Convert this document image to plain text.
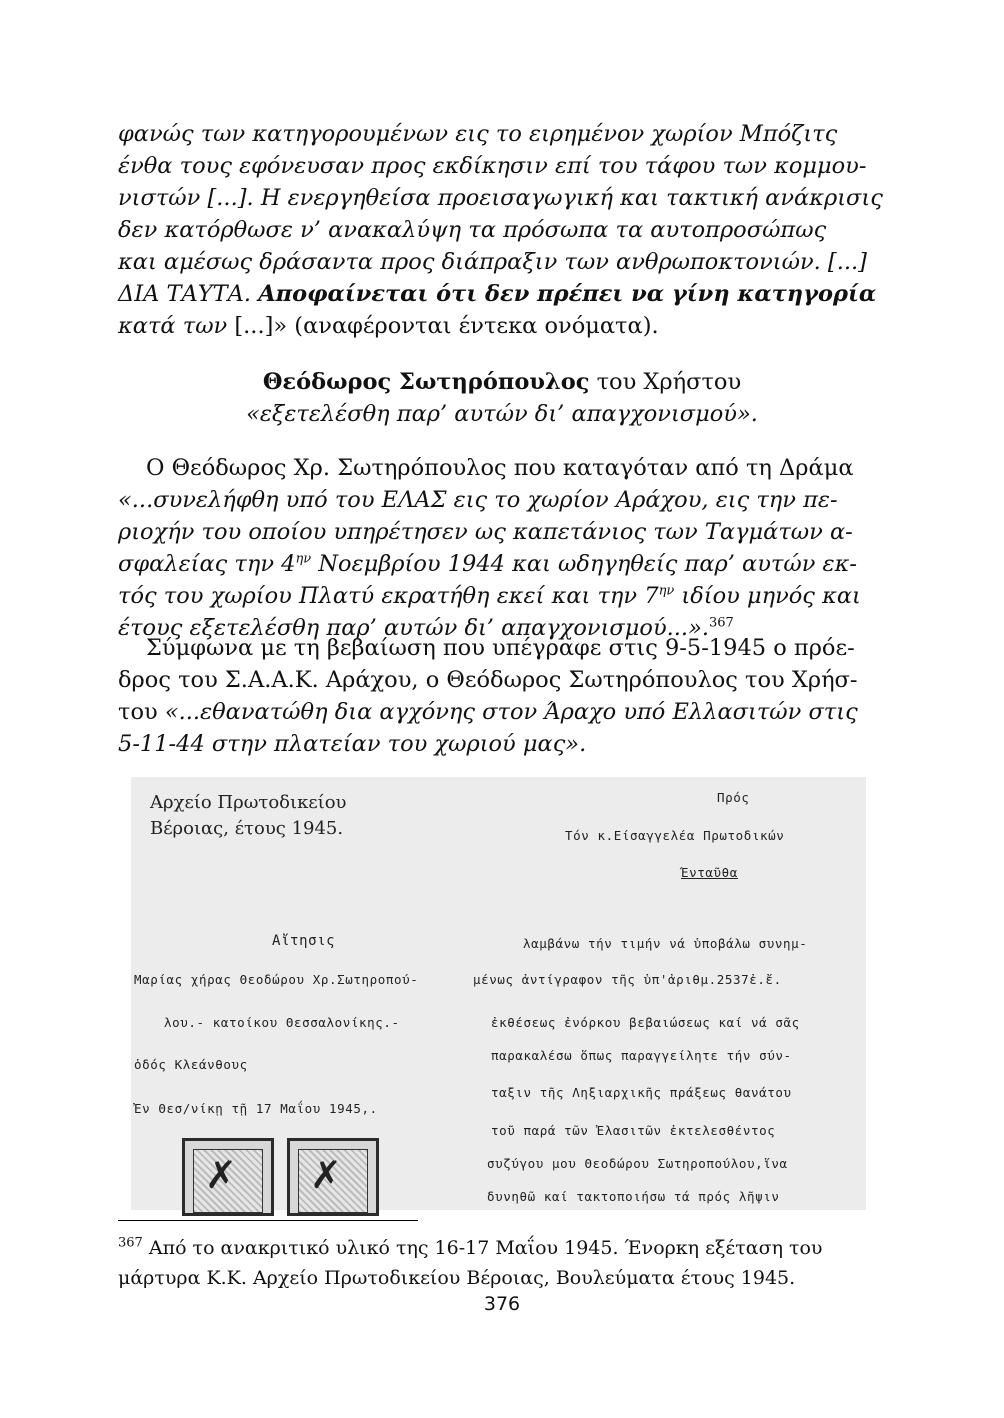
φανώς των κατηγορουμένων εις το ειρημένον χωρίον Μπόζιτς
ένθα τους εφόνευσαν προς εκδίκησιν επί του τάφου των κομμου-
νιστών [...]. Η ενεργηθείσα προεισαγωγική και τακτική ανάκρισις
δεν κατόρθωσε ν’ ανακαλύψη τα πρόσωπα τα αυτοπροσώπως
και αμέσως δράσαντα προς διάπραξιν των ανθρωποκτονιών. [...]
ΔΙΑ ΤΑΥΤΑ. Αποφαίνεται ότι δεν πρέπει να γίνη κατηγορία
κατά των [...]» (αναφέρονται έντεκα ονόματα).
Θεόδωρος Σωτηρόπουλος του Χρήστου
«εξετελέσθη παρ’ αυτών δι’ απαγχονισμού».
Ο Θεόδωρος Χρ. Σωτηρόπουλος που καταγόταν από τη Δράμα
«...συνελήφθη υπό του ΕΛΑΣ εις το χωρίον Αράχου, εις την πε-
ριοχήν του οποίου υπηρέτησεν ως καπετάνιος των Ταγμάτων α-
σφαλείας την $4^{\eta\nu}$ Νοεμβρίου 1944 και ωδηγηθείς παρ’ αυτών εκ-
τός του χωρίου Πλατύ εκρατήθη εκεί και την $7^{\eta\nu}$ ιδίου μηνός και
έτους εξετελέσθη παρ’ αυτών δι’ απαγχονισμού...».$^{367}$
Σύμφωνα με τη βεβαίωση που υπέγραφε στις 9-5-1945 ο πρόε-
δρος του Σ.Α.Α.Κ. Αράχου, ο Θεόδωρος Σωτηρόπουλος του Χρήσ-
του «...εθανατώθη δια αγχόνης στον Άραχο υπό Ελλασιτών στις
5-11-44 στην πλατείαν του χωριού μας».
Αρχείο Πρωτοδικείου
Βέροιας, έτους 1945.
Πρός
Τόν κ.Είσαγγελέα Πρωτοδικών
Ένταῦθα
Αἴτησις
Μαρίας χήρας Θεοδώρου Χρ.Σωτηροπού-
λου.- κατοίκου Θεσσαλονίκης.-
ὁδός Κλεάνθους
Ἐν Θεσ/νίκῃ τῇ 17 Μαΐου 1945,.
λαμβάνω τήν τιμήν νά ὑποβάλω συνημ-
μένως ἀντίγραφον τῆς ὑπ'ἀριθμ.2537ἐ.ἔ.
ἐκθέσεως ἐνόρκου βεβαιώσεως καί νά σᾶς
παρακαλέσω ὅπως παραγγείλητε τήν σύν-
ταξιν τῆς Ληξιαρχικῆς πράξεως θανάτου
τοῦ παρά τῶν Ἐλασιτῶν ἐκτελεσθέντος
συζύγου μου Θεοδώρου Σωτηροπούλου,ἵνα
δυνηθῶ καί τακτοποιήσω τά πρός λῆψιν
✗ ✗
$^{367}$ Από το ανακριτικό υλικό της 16-17 Μαΐου 1945. Ένορκη εξέταση του
μάρτυρα Κ.Κ. Αρχείο Πρωτοδικείου Βέροιας, Βουλεύματα έτους 1945.
376
